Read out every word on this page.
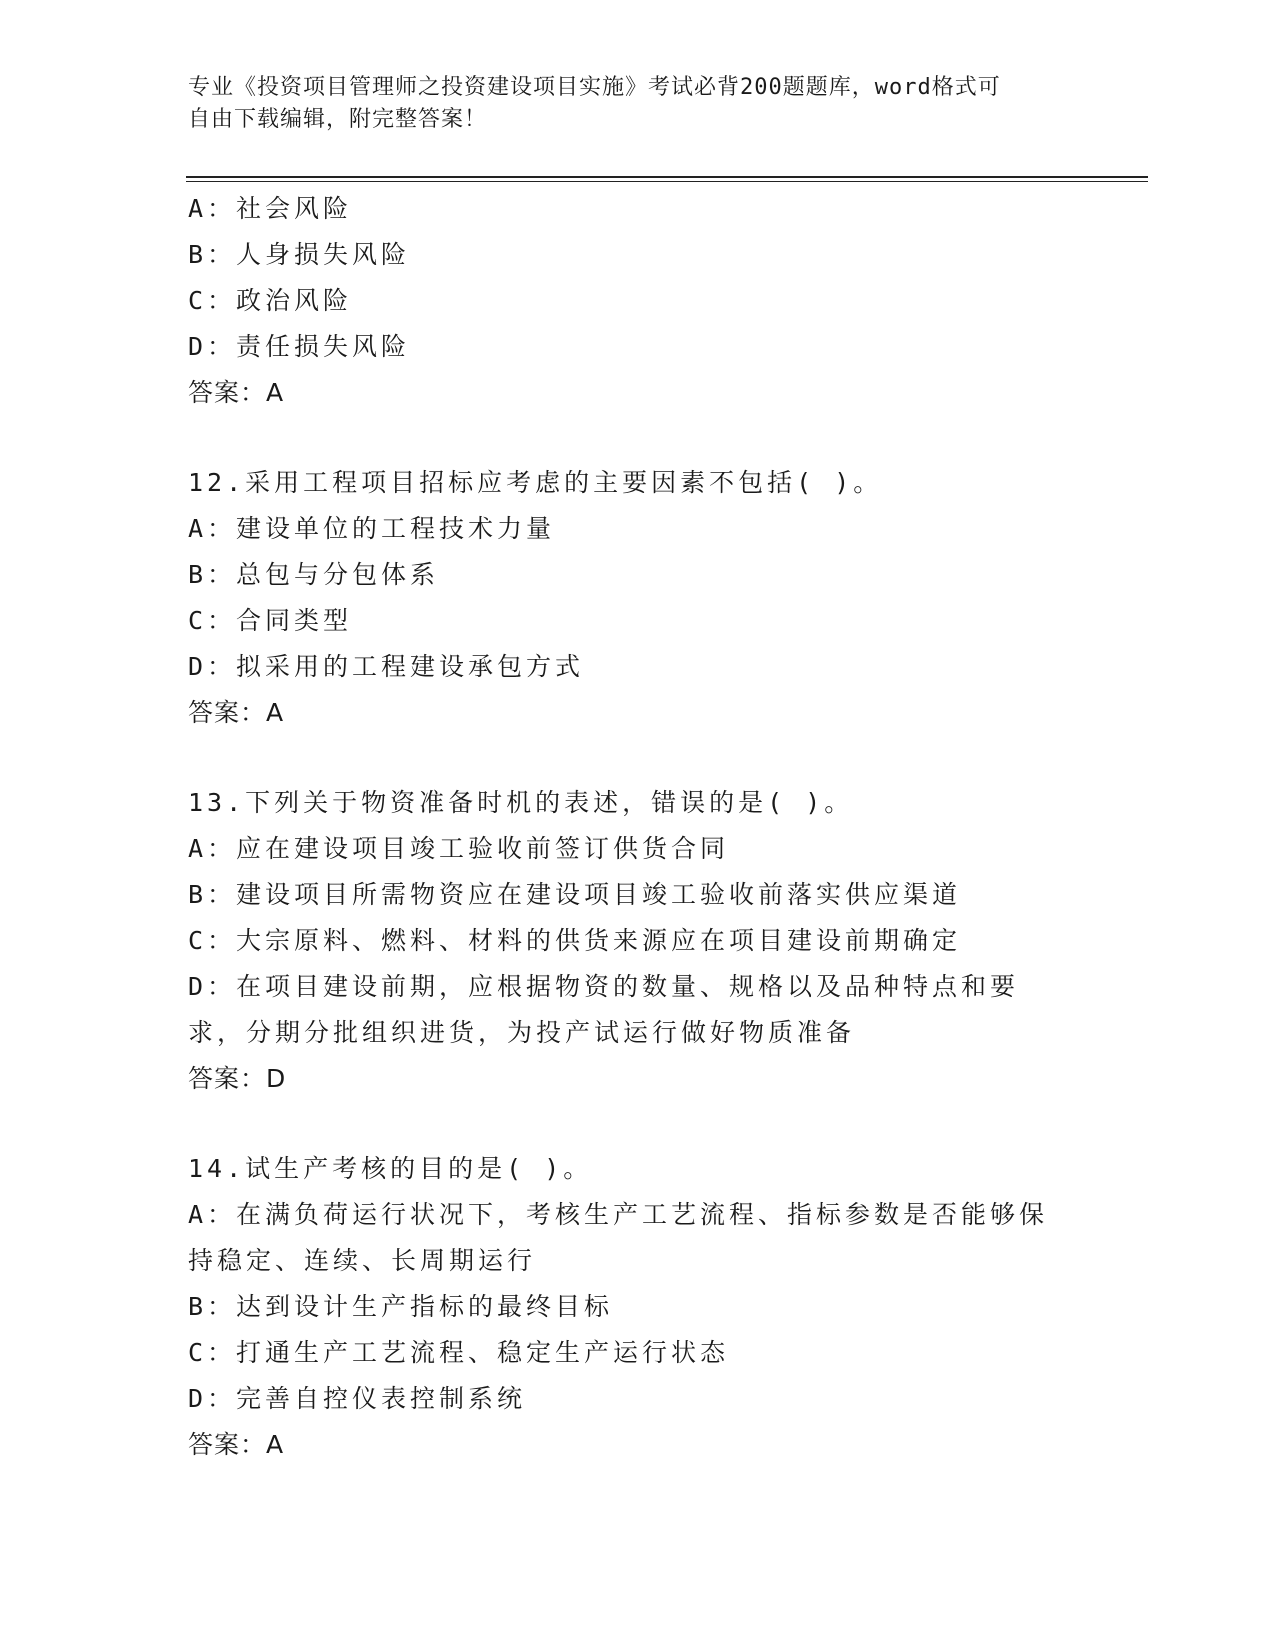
专业《投资项目管理师之投资建设项目实施》考试必背200题题库，word格式可
自由下载编辑，附完整答案！
A：社会风险
B：人身损失风险
C：政治风险
D：责任损失风险
答案：A
12.采用工程项目招标应考虑的主要因素不包括( )。
A：建设单位的工程技术力量
B：总包与分包体系
C：合同类型
D：拟采用的工程建设承包方式
答案：A
13.下列关于物资准备时机的表述，错误的是( )。
A：应在建设项目竣工验收前签订供货合同
B：建设项目所需物资应在建设项目竣工验收前落实供应渠道
C：大宗原料、燃料、材料的供货来源应在项目建设前期确定
D：在项目建设前期，应根据物资的数量、规格以及品种特点和要求，分期分批组织进货，为投产试运行做好物质准备
答案：D
14.试生产考核的目的是( )。
A：在满负荷运行状况下，考核生产工艺流程、指标参数是否能够保持稳定、连续、长周期运行
B：达到设计生产指标的最终目标
C：打通生产工艺流程、稳定生产运行状态
D：完善自控仪表控制系统
答案：A
